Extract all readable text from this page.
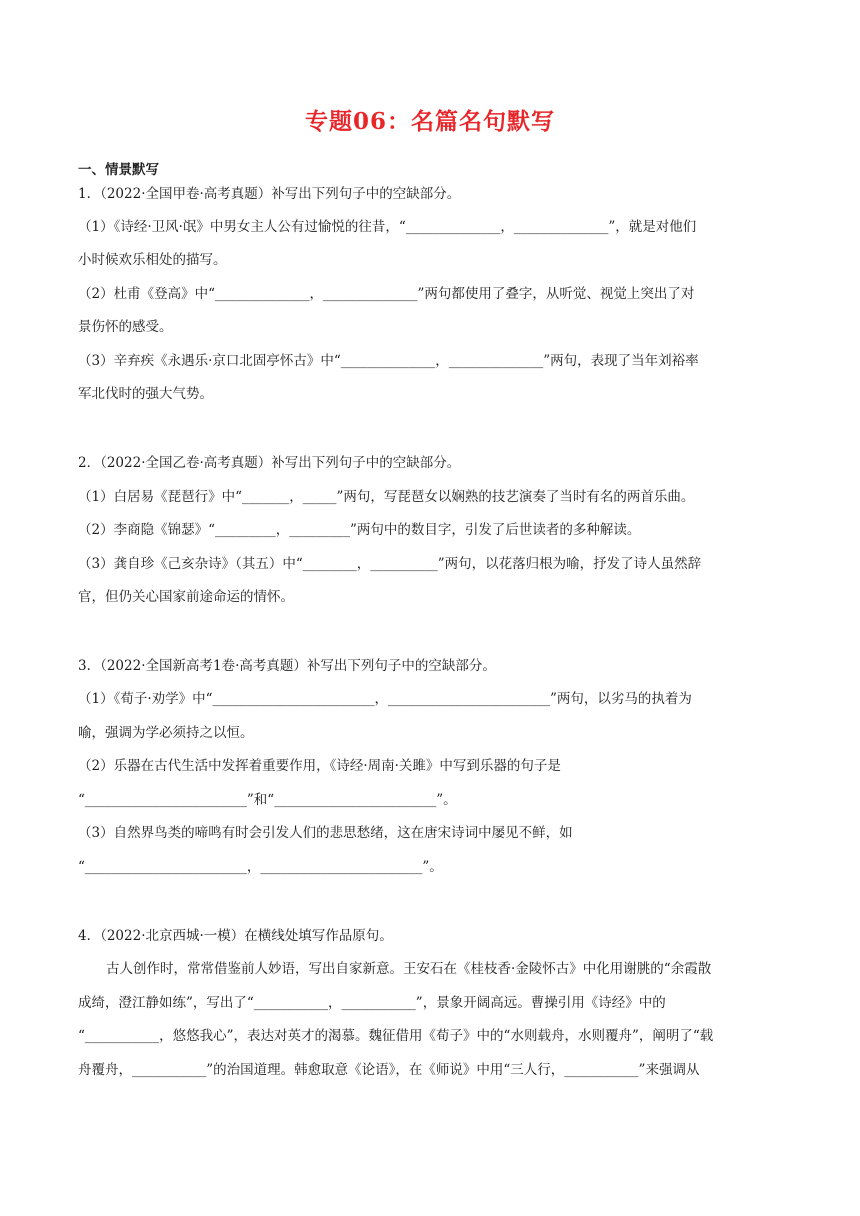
专题06：名篇名句默写
一、情景默写
1．（2022·全国甲卷·高考真题）补写出下列句子中的空缺部分。
（1）《诗经·卫风·氓》中男女主人公有过愉悦的往昔，“______________，______________”，就是对他们
小时候欢乐相处的描写。
（2）杜甫《登高》中“______________，______________”两句都使用了叠字，从听觉、视觉上突出了对
景伤怀的感受。
（3）辛弃疾《永遇乐·京口北固亭怀古》中“______________，______________”两句，表现了当年刘裕率
军北伐时的强大气势。
2．（2022·全国乙卷·高考真题）补写出下列句子中的空缺部分。
（1）白居易《琵琶行》中“_______，_____”两句，写琵琶女以娴熟的技艺演奏了当时有名的两首乐曲。
（2）李商隐《锦瑟》“_________，_________”两句中的数目字，引发了后世读者的多种解读。
（3）龚自珍《己亥杂诗》（其五）中“________，__________”两句，以花落归根为喻，抒发了诗人虽然辞
官，但仍关心国家前途命运的情怀。
3．（2022·全国新高考1卷·高考真题）补写出下列句子中的空缺部分。
（1）《荀子·劝学》中“________________________，________________________”两句，以劣马的执着为
喻，强调为学必须持之以恒。
（2）乐器在古代生活中发挥着重要作用，《诗经·周南·关雎》中写到乐器的句子是
“________________________”和“________________________”。
（3）自然界鸟类的啼鸣有时会引发人们的悲思愁绪，这在唐宋诗词中屡见不鲜，如
“________________________，________________________”。
4．（2022·北京西城·一模）在横线处填写作品原句。
古人创作时，常常借鉴前人妙语，写出自家新意。王安石在《桂枝香·金陵怀古》中化用谢朓的“余霞散
成绮，澄江静如练”，写出了“___________，___________”，景象开阔高远。曹操引用《诗经》中的
“___________，悠悠我心”，表达对英才的渴慕。魏征借用《荀子》中的“水则载舟，水则覆舟”，阐明了“载
舟覆舟，___________”的治国道理。韩愈取意《论语》，在《师说》中用“三人行，___________”来强调从
